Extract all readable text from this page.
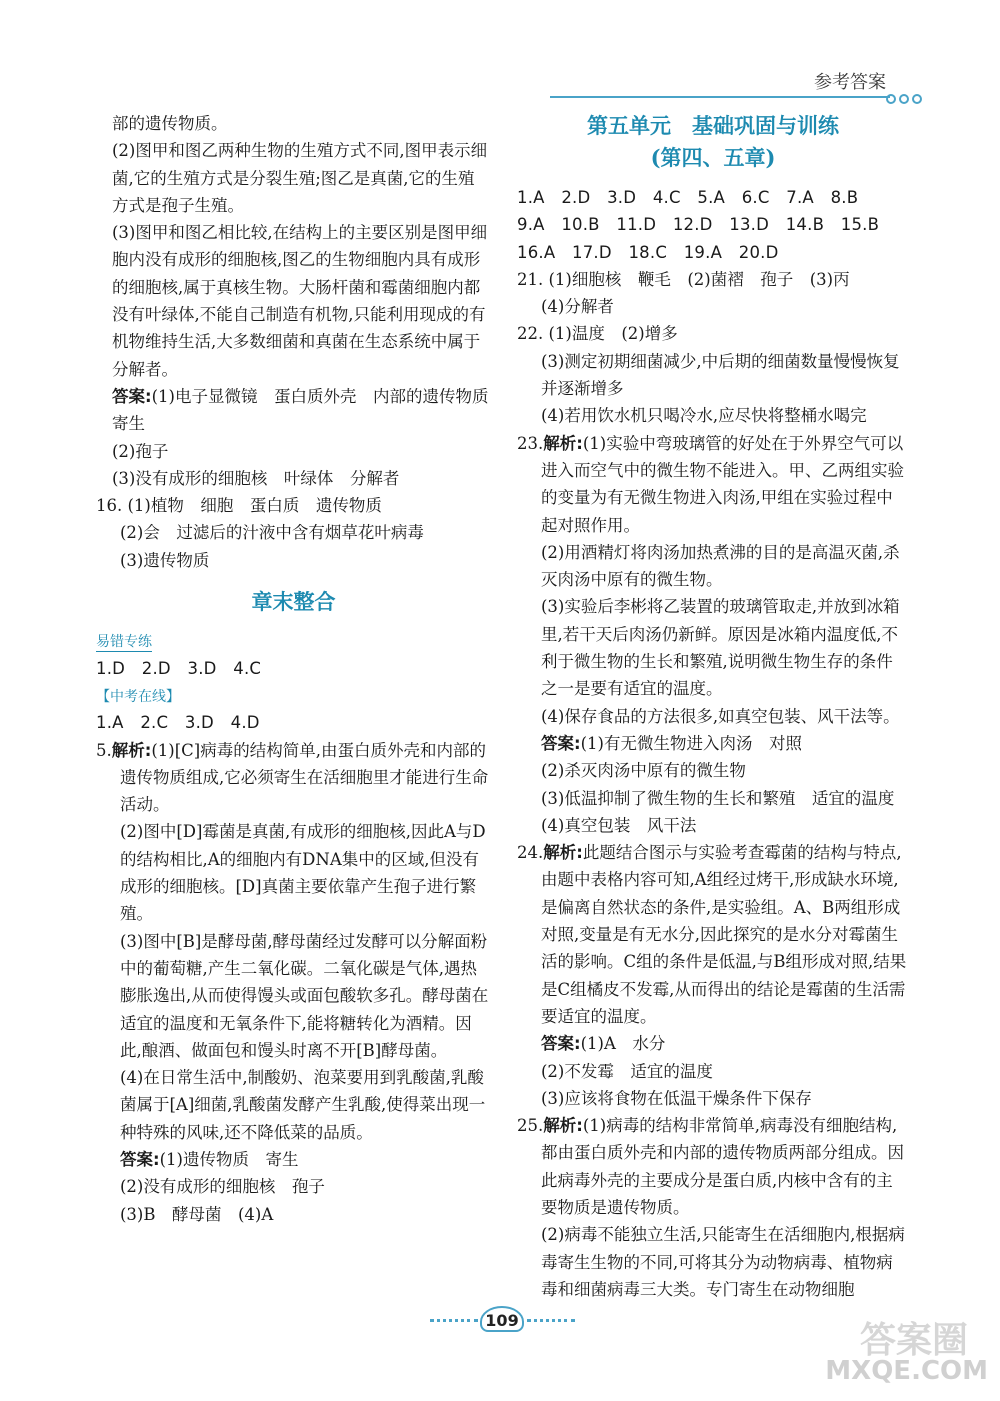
参考答案

部的遗传物质。

(2)图甲和图乙两种生物的生殖方式不同,图甲表示细菌,它的生殖方式是分裂生殖;图乙是真菌,它的生殖方式是孢子生殖。

(3)图甲和图乙相比较,在结构上的主要区别是图甲细胞内没有成形的细胞核,图乙的生物细胞内具有成形的细胞核,属于真核生物。大肠杆菌和霉菌细胞内都没有叶绿体,不能自己制造有机物,只能利用现成的有机物维持生活,大多数细菌和真菌在生态系统中属于分解者。

答案:(1)电子显微镜　蛋白质外壳　内部的遗传物质　寄生

(2)孢子

(3)没有成形的细胞核　叶绿体　分解者

16. (1)植物　细胞　蛋白质　遗传物质

(2)会　过滤后的汁液中含有烟草花叶病毒

(3)遗传物质

章末整合
易错专练

1.D　2.D　3.D　4.C

【中考在线】

1.A　2.C　3.D　4.D

5.解析:(1)[C]病毒的结构简单,由蛋白质外壳和内部的遗传物质组成,它必须寄生在活细胞里才能进行生命活动。

(2)图中[D]霉菌是真菌,有成形的细胞核,因此A与D的结构相比,A的细胞内有DNA集中的区域,但没有成形的细胞核。[D]真菌主要依靠产生孢子进行繁殖。

(3)图中[B]是酵母菌,酵母菌经过发酵可以分解面粉中的葡萄糖,产生二氧化碳。二氧化碳是气体,遇热膨胀逸出,从而使得馒头或面包酸软多孔。酵母菌在适宜的温度和无氧条件下,能将糖转化为酒精。因此,酿酒、做面包和馒头时离不开[B]酵母菌。

(4)在日常生活中,制酸奶、泡菜要用到乳酸菌,乳酸菌属于[A]细菌,乳酸菌发酵产生乳酸,使得菜出现一种特殊的风味,还不降低菜的品质。

答案:(1)遗传物质　寄生

(2)没有成形的细胞核　孢子

(3)B　酵母菌　(4)A

第五单元　基础巩固与训练
(第四、五章)

1.A　2.D　3.D　4.C　5.A　6.C　7.A　8.B

9.A　10.B　11.D　12.D　13.D　14.B　15.B

16.A　17.D　18.C　19.A　20.D

21. (1)细胞核　鞭毛　(2)菌褶　孢子　(3)丙

(4)分解者

22. (1)温度　(2)增多

(3)测定初期细菌减少,中后期的细菌数量慢慢恢复并逐渐增多

(4)若用饮水机只喝冷水,应尽快将整桶水喝完

23.解析:(1)实验中弯玻璃管的好处在于外界空气可以进入而空气中的微生物不能进入。甲、乙两组实验的变量为有无微生物进入肉汤,甲组在实验过程中起对照作用。

(2)用酒精灯将肉汤加热煮沸的目的是高温灭菌,杀灭肉汤中原有的微生物。

(3)实验后李彬将乙装置的玻璃管取走,并放到冰箱里,若干天后肉汤仍新鲜。原因是冰箱内温度低,不利于微生物的生长和繁殖,说明微生物生存的条件之一是要有适宜的温度。

(4)保存食品的方法很多,如真空包装、风干法等。

答案:(1)有无微生物进入肉汤　对照

(2)杀灭肉汤中原有的微生物

(3)低温抑制了微生物的生长和繁殖　适宜的温度

(4)真空包装　风干法

24.解析:此题结合图示与实验考查霉菌的结构与特点,由题中表格内容可知,A组经过烤干,形成缺水环境,是偏离自然状态的条件,是实验组。A、B两组形成对照,变量是有无水分,因此探究的是水分对霉菌生活的影响。C组的条件是低温,与B组形成对照,结果是C组橘皮不发霉,从而得出的结论是霉菌的生活需要适宜的温度。

答案:(1)A　水分

(2)不发霉　适宜的温度

(3)应该将食物在低温干燥条件下保存

25.解析:(1)病毒的结构非常简单,病毒没有细胞结构,都由蛋白质外壳和内部的遗传物质两部分组成。因此病毒外壳的主要成分是蛋白质,内核中含有的主要物质是遗传物质。

(2)病毒不能独立生活,只能寄生在活细胞内,根据病毒寄生生物的不同,可将其分为动物病毒、植物病毒和细菌病毒三大类。专门寄生在动物细胞

109	答案圈
MXQE.COM
